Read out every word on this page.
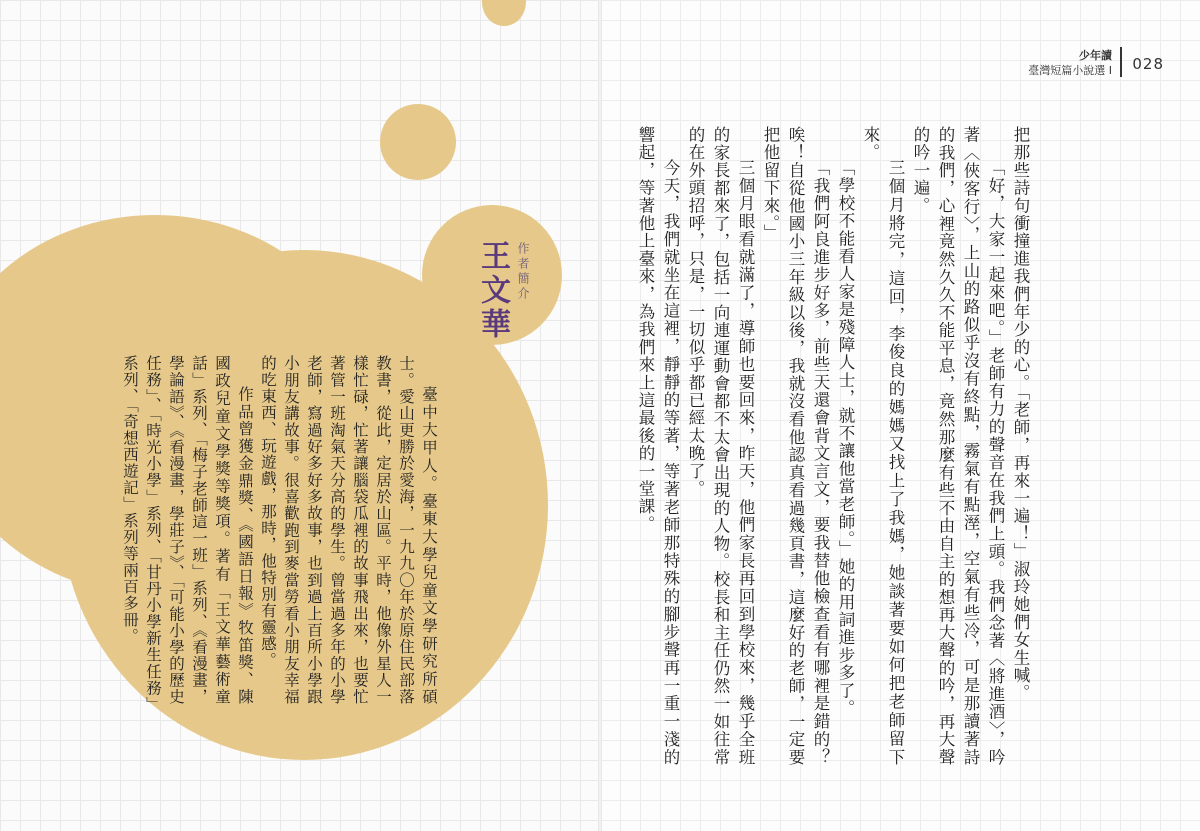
作者簡介
王文華

臺中大甲人。臺東大學兒童文學研究所碩士。愛山更勝於愛海，一九九〇年於原住民部落教書，從此，定居於山區。平時，他像外星人一樣忙碌，忙著讓腦袋瓜裡的故事飛出來，也要忙著管一班淘氣天分高的學生。曾當過多年的小學老師，寫過好多好多故事，也到過上百所小學跟小朋友講故事。很喜歡跑到麥當勞看小朋友幸福的吃東西、玩遊戲，那時，他特別有靈感。

作品曾獲金鼎獎、《國語日報》牧笛獎、陳國政兒童文學獎等獎項。著有「王文華藝術童話」系列、「梅子老師這一班」系列、《看漫畫，學論語》、《看漫畫，學莊子》、「可能小學的歷史任務」、「時光小學」系列、「甘丹小學新生任務」系列、「奇想西遊記」系列等兩百多冊。

少年讀
臺灣短篇小說選 I 028

把那些詩句衝撞進我們年少的心。「老師，再來一遍！」淑玲她們女生喊。

「好，大家一起來吧。」老師有力的聲音在我們上頭。我們念著〈將進酒〉，吟著〈俠客行〉，上山的路似乎沒有終點，霧氣有點溼，空氣有些冷，可是那讀著詩的我們，心裡竟然久久不能平息，竟然那麼有些不由自主的想再大聲的吟，再大聲的吟一遍。

三個月將完，這回，李俊良的媽媽又找上了我媽，她談著要如何把老師留下來。

「學校不能看人家是殘障人士，就不讓他當老師。」她的用詞進步多了。

「我們阿良進步好多，前些天還會背文言文，要我替他檢查看有哪裡是錯的？唉！自從他國小三年級以後，我就沒看他認真看過幾頁書，這麼好的老師，一定要把他留下來。」

三個月眼看就滿了，導師也要回來，昨天，他們家長再回到學校來，幾乎全班的家長都來了，包括一向連運動會都不太會出現的人物。校長和主任仍然一如往常的在外頭招呼，只是，一切似乎都已經太晚了。

今天，我們就坐在這裡，靜靜的等著，等著老師那特殊的腳步聲再一重一淺的響起，等著他上臺來，為我們來上這最後的一堂課。
